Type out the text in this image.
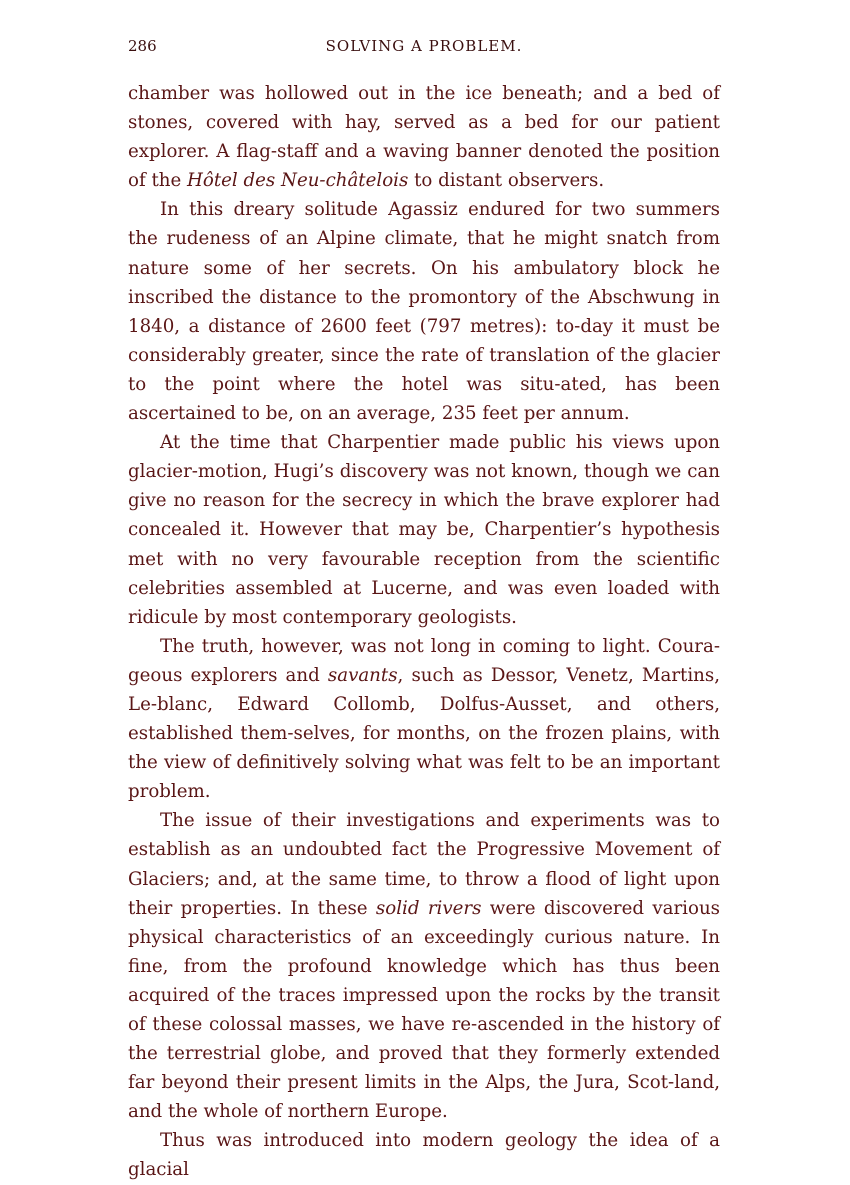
286	SOLVING A PROBLEM.

chamber was hollowed out in the ice beneath; and a bed of stones, covered with hay, served as a bed for our patient explorer. A flag-staff and a waving banner denoted the position of the Hôtel des Neu-châtelois to distant observers.

In this dreary solitude Agassiz endured for two summers the rudeness of an Alpine climate, that he might snatch from nature some of her secrets. On his ambulatory block he inscribed the distance to the promontory of the Abschwung in 1840, a distance of 2600 feet (797 metres): to-day it must be considerably greater, since the rate of translation of the glacier to the point where the hotel was situ-ated, has been ascertained to be, on an average, 235 feet per annum.

At the time that Charpentier made public his views upon glacier-motion, Hugi’s discovery was not known, though we can give no reason for the secrecy in which the brave explorer had concealed it. However that may be, Charpentier’s hypothesis met with no very favourable reception from the scientific celebrities assembled at Lucerne, and was even loaded with ridicule by most contemporary geologists.

The truth, however, was not long in coming to light. Coura-geous explorers and savants, such as Dessor, Venetz, Martins, Le-blanc, Edward Collomb, Dolfus-Ausset, and others, established them-selves, for months, on the frozen plains, with the view of definitively solving what was felt to be an important problem.

The issue of their investigations and experiments was to establish as an undoubted fact the Progressive Movement of Glaciers; and, at the same time, to throw a flood of light upon their properties. In these solid rivers were discovered various physical characteristics of an exceedingly curious nature. In fine, from the profound knowledge which has thus been acquired of the traces impressed upon the rocks by the transit of these colossal masses, we have re-ascended in the history of the terrestrial globe, and proved that they formerly extended far beyond their present limits in the Alps, the Jura, Scot-land, and the whole of northern Europe.

Thus was introduced into modern geology the idea of a glacial
